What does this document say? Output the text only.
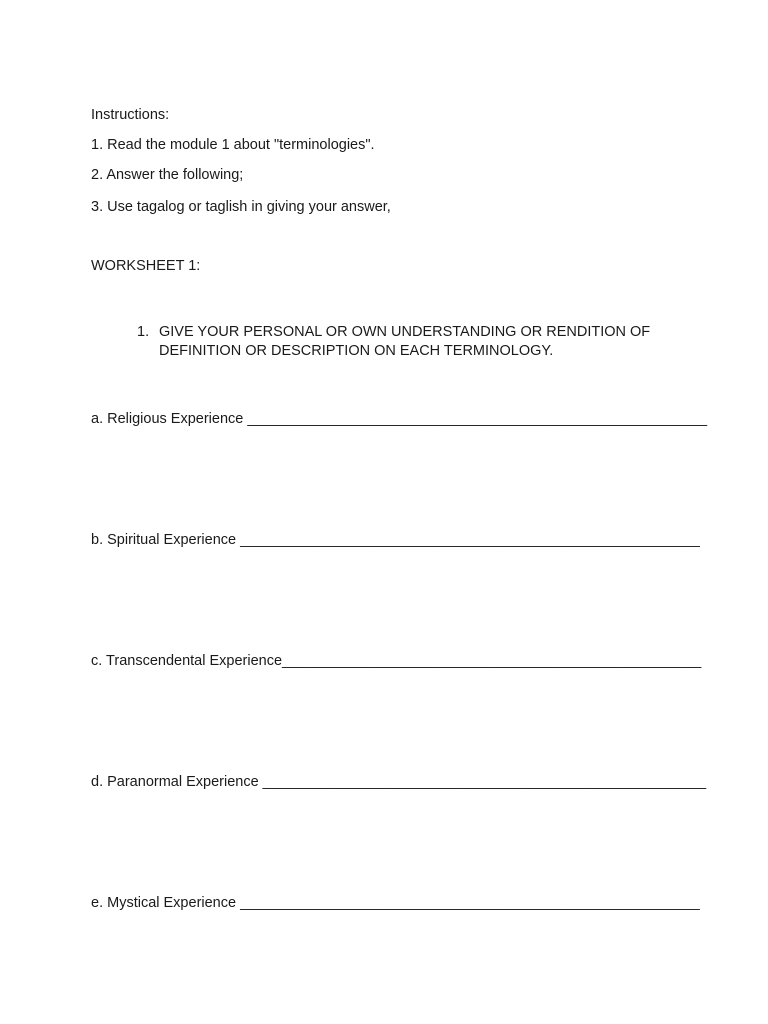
Instructions:
1. Read the module 1 about "terminologies".
2. Answer the following;
3. Use tagalog or taglish in giving your answer,
WORKSHEET 1:
1. GIVE YOUR PERSONAL OR OWN UNDERSTANDING OR RENDITION OF DEFINITION OR DESCRIPTION ON EACH TERMINOLOGY.
a. Religious Experience _________________________________________________________
b. Spiritual Experience _________________________________________________________
c. Transcendental Experience____________________________________________________
d. Paranormal Experience _______________________________________________________
e. Mystical Experience _________________________________________________________
